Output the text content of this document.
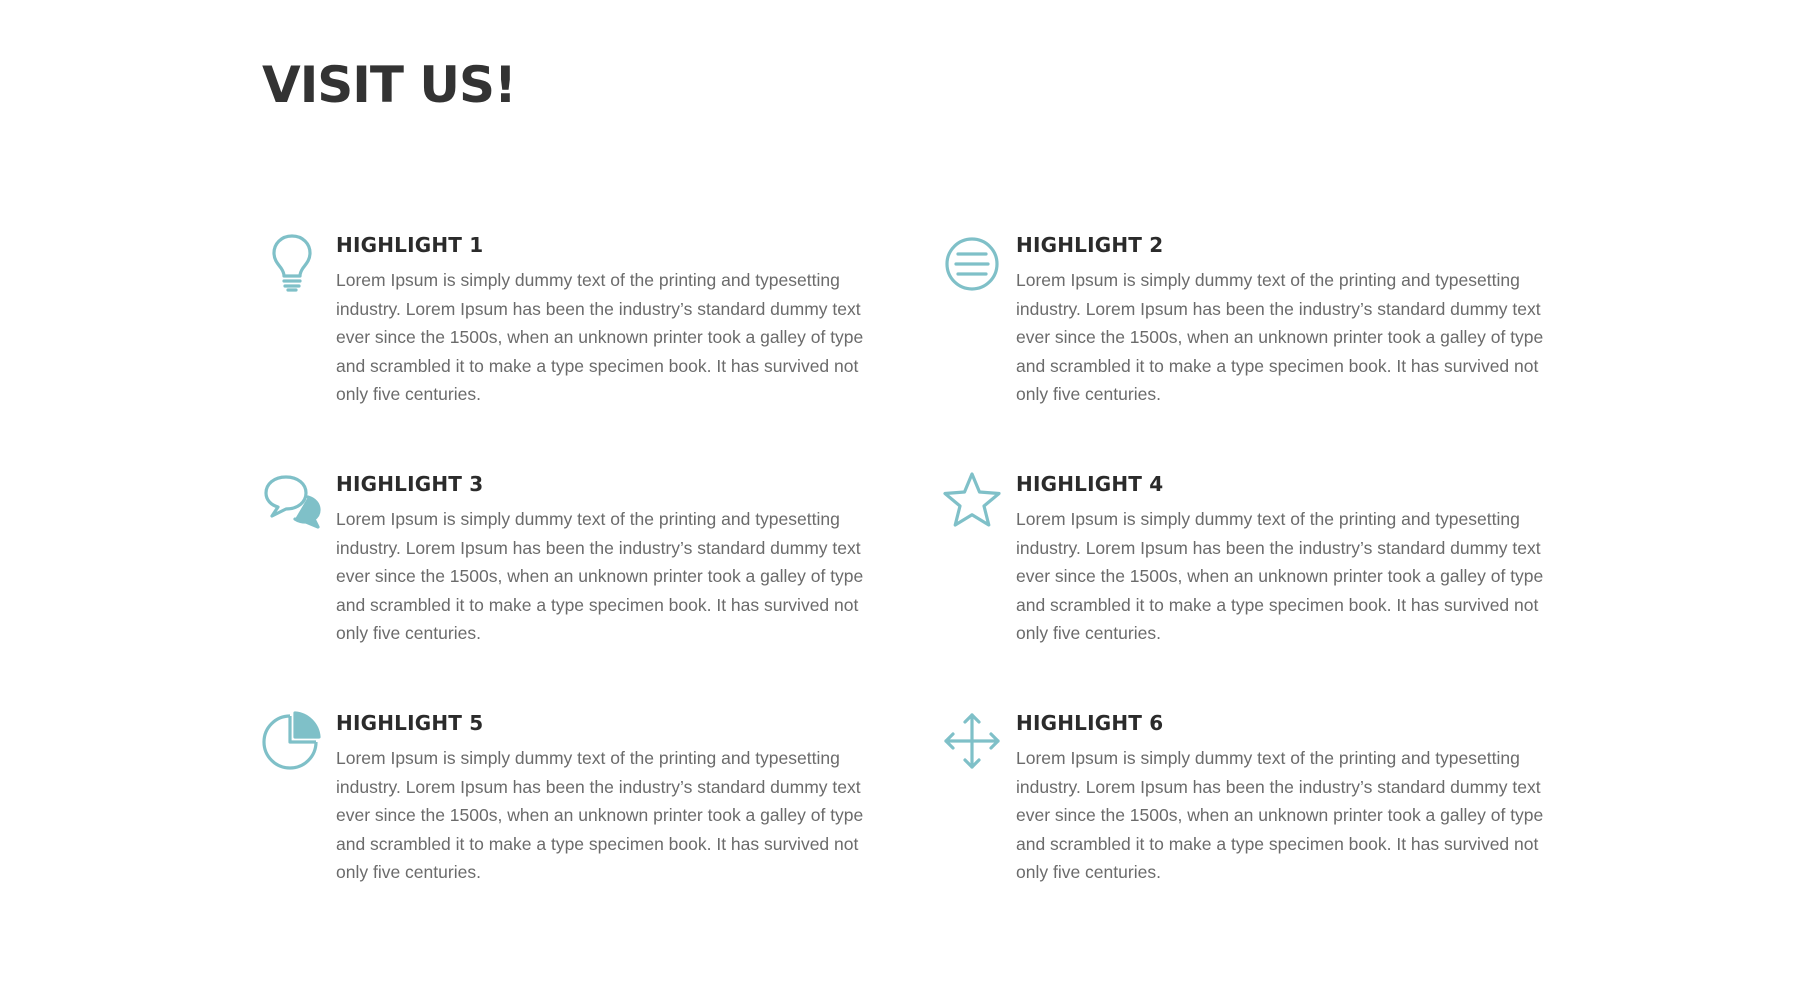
VISIT US!
HIGHLIGHT 1

Lorem Ipsum is simply dummy text of the printing and typesetting industry. Lorem Ipsum has been the industry’s standard dummy text ever since the 1500s, when an unknown printer took a galley of type and scrambled it to make a type specimen book. It has survived not only five centuries.

HIGHLIGHT 2

Lorem Ipsum is simply dummy text of the printing and typesetting industry. Lorem Ipsum has been the industry’s standard dummy text ever since the 1500s, when an unknown printer took a galley of type and scrambled it to make a type specimen book. It has survived not only five centuries.

HIGHLIGHT 3

Lorem Ipsum is simply dummy text of the printing and typesetting industry. Lorem Ipsum has been the industry’s standard dummy text ever since the 1500s, when an unknown printer took a galley of type and scrambled it to make a type specimen book. It has survived not only five centuries.

HIGHLIGHT 4

Lorem Ipsum is simply dummy text of the printing and typesetting industry. Lorem Ipsum has been the industry’s standard dummy text ever since the 1500s, when an unknown printer took a galley of type and scrambled it to make a type specimen book. It has survived not only five centuries.

HIGHLIGHT 5

Lorem Ipsum is simply dummy text of the printing and typesetting industry. Lorem Ipsum has been the industry’s standard dummy text ever since the 1500s, when an unknown printer took a galley of type and scrambled it to make a type specimen book. It has survived not only five centuries.

HIGHLIGHT 6

Lorem Ipsum is simply dummy text of the printing and typesetting industry. Lorem Ipsum has been the industry’s standard dummy text ever since the 1500s, when an unknown printer took a galley of type and scrambled it to make a type specimen book. It has survived not only five centuries.
